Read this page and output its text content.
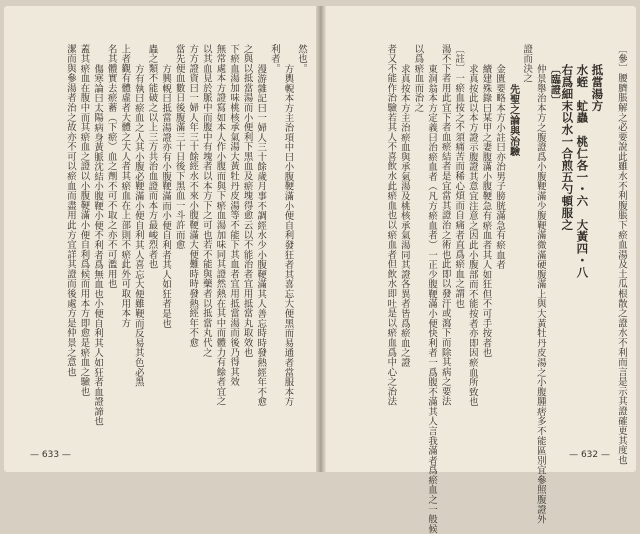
〔參〕腰臍脹解之必要說此雖水不利腹脹下瘀血湯及土瓜根散之證水不利而言是示其證確更其度也
抵當湯方
水蛭　虻蟲　桃仁各一・六　大黃四・八
右爲細末以水一合煎五勺頓服之
〔臨證〕
仲景舉治本方之腹證爲小腹鞕滿少腹鞕滿微滿硬腹滿上與大黃牡丹皮湯之小腹腫痞多不能區別宜參照腹證外
證而決之
先聖之論與治驗
金匱要略本方小註曰亦治男子膀胱滿急有瘀血者
續建殊錄曰某甲之妻腹滿小腹鞕急有瘀血者其人如狂但不可手按者也
求真按此以本方證示腹證其意宜注意之因此小腹部而不能按者亦即因瘀血所致也
〔註〕一瘀血按之不須痛苦而稀心煩而自痛者直爲瘀血之謂也
湯不下者用此宜下者血瘀結者是宜當其證治之術也此即以發汗或瀉下而除其病之要法
東洞翁本方定義曰治瘀血者（凡方瘀血者）一正少腹鞕滿小便快利者一爲腹不滿其人言我滿者爲瘀血之一般候
以爲瘀血而治之
求真按本方主治瘀血與承氣湯及桃核承氣湯同其證各異者皆爲瘀血之證
者又不能作治驗若其人不喜飲水此瘀血也以瘀血者但飲水即吐是以瘀血爲中心之治法
— 632 —
然也。
方輿輗本方主治項中曰小腹鞕滿小便自利發狂者其喜忘大便黑而易通者當服本方
利者。
漫游雜記曰一婦人三十餘歲月事不調經水少小腹鞕滿其人善忘時時發熱經年不愈
之與以抵當湯而小便利下黑血及瘀塊得愈云以不能治者宜用抵當丸取效也
下瘀血湯加味桃核承氣湯大黃牡丹皮湯等不能下其血者宜用抵當湯而後乃得其效
無常處本方證寫如本人作小腹而與下瘀血湯加味同其證然熱在其中而體力有餘者宜之
以其血見於脈中而腹中有塊者以本方下之可也若不能與藥者以抵當丸代之
方方證資曰一婦人年三十餘經水不來小腹鞕滿大便難時時發熱經年不愈
當先便血數日後腹滿三十日後下黑血一斗許而愈
方興輗曰抵當湯證亦有小腹鞕滿而小便自利者其人如狂者是也
蟲之類不能破之以上三方共治血證而本方最峻烈者也
方有執曰瘀血之人其小腹必鞕滿小便自利其人喜忘大便雖鞕而反易其色必黑
上者觀有體虛者大體之大人者其瘀血在上部則不瘀此外可取用本方
名其體實去瘀蓄（下瘀）血之劑不可不取之亦不可濫用也
傷寒論曰太陽病身黃脈沈結小腹鞕小便不利者爲無血也小便自利其人如狂者血證諦也
蓋其瘀血在腹中而其瘀血之證以小腹鞕滿小便自利爲候而用本方即愈是瘀血之驗也
潔而與參湯者治之故亦不可以瘀血而盡用此方宜詳其證而後處方是仲景之意也
— 633 —
